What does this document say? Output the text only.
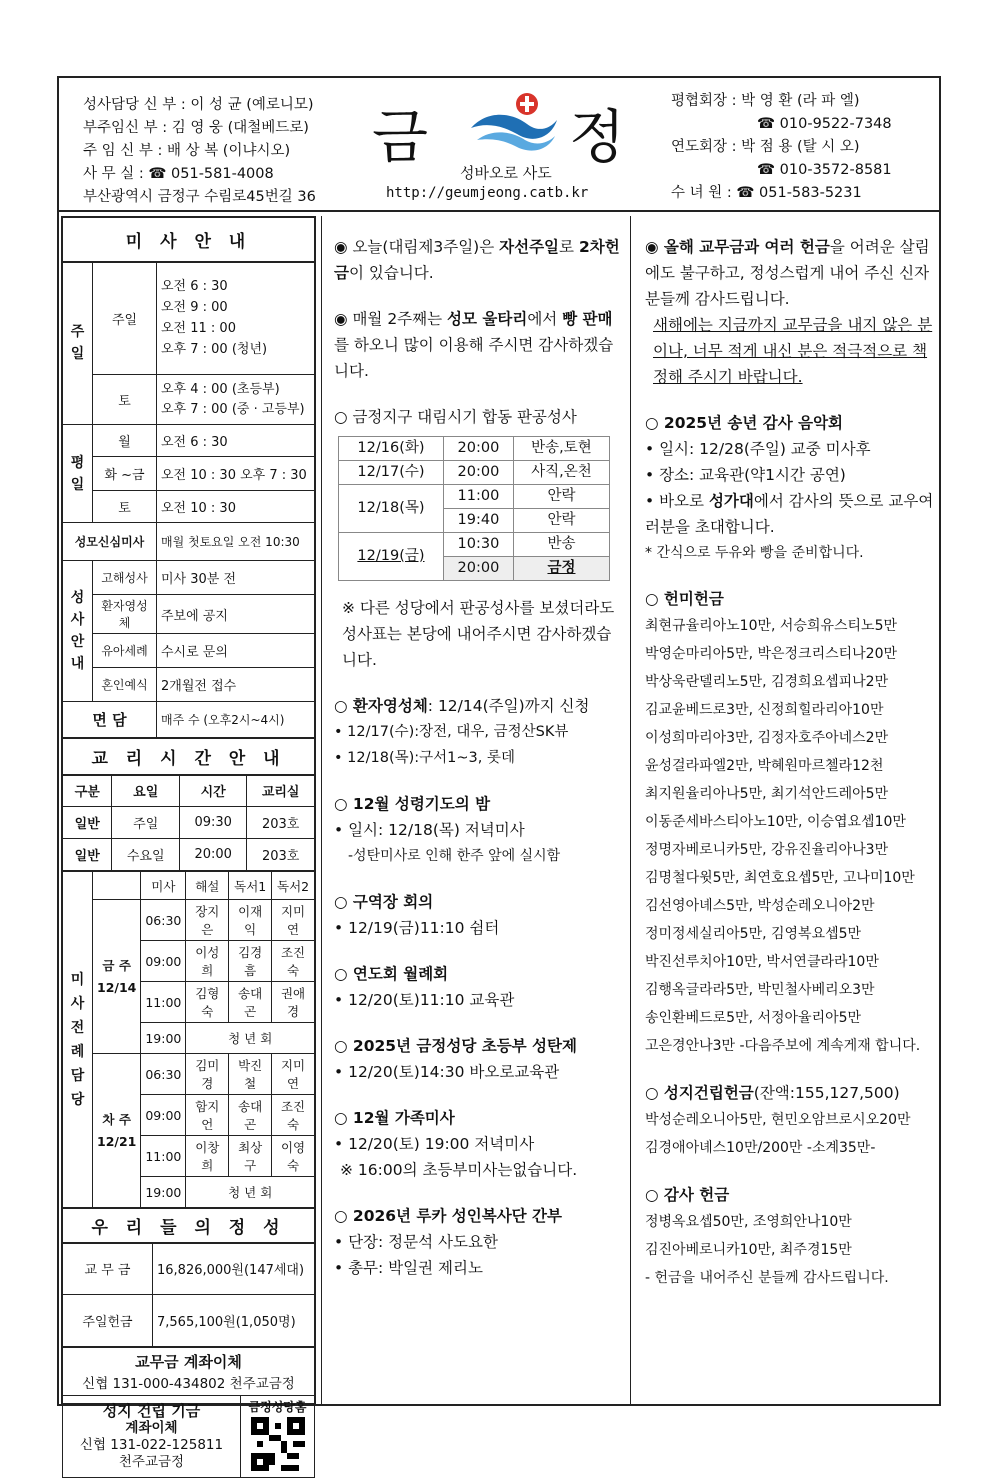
성사담당 신 부 : 이 성 균 (예로니모)
부주임신 부 : 김 영 웅 (대철베드로)
주 임 신 부 : 배 상 복 (이냐시오)
사 무 실 : ☎ 051-581-4008
부산광역시 금정구 수림로45번길 36
금 정
성바오로 사도
http://geumjeong.catb.kr
평협회장 : 박 영 환 (라 파 엘)
☎ 010-9522-7348
연도회장 : 박 점 용 (탈 시 오)
☎ 010-3572-8581
수 녀 원 : ☎ 051-583-5231
미 사 안 내		
주 일	주일	오전 6 : 30
오전 9 : 00
오전 11 : 00
오후 7 : 00 (청년)

	토	오후 4 : 00 (초등부)
오후 7 : 00 (중 · 고등부)

평 일	월	오전 6 : 30
	화 ~금	오전 10 : 30 오후 7 : 30
	토	오전 10 : 30
성모신심미사		매월 첫토요일 오전 10:30
성 사 안 내	고해성사	미사 30분 전
	환자영성체	주보에 공지
	유아세례	수시로 문의
	혼인예식	2개월전 접수
면 담		매주 수 (오후2시~4시)
교 리 시 간 안 내			
구분	요일	시간	교리실
일반	주일	09:30	203호
일반	수요일	20:00	203호
미 사 전 례 담 당		미사	해설	독서1	독서2
	금 주 12/14	06:30	장지은	이재익	지미연
		09:00	이성희	김경흠	조진숙
		11:00	김형숙	송대곤	권애경
		19:00	청 년 회		
	차 주 12/21	06:30	김미경	박진철	지미연
		09:00	함지언	송대곤	조진숙
		11:00	이창희	최상구	이영숙
		19:00	청 년 회		
우 리 들 의 정 성	
교 무 금	16,826,000원(147세대)
주일헌금	7,565,100원(1,050명)
교무금 계좌이체
신협 131-000-434802 천주교금정

성지 건립 기금
계좌이체
신협 131-022-125811
천주교금정

금정성당홈
◉ 오늘(대림제3주일)은 자선주일로 2차헌금이 있습니다.
◉ 매월 2주째는 성모 울타리에서 빵 판매를 하오니 많이 이용해 주시면 감사하겠습니다.
○ 금정지구 대림시기 합동 판공성사
12/16(화)	20:00	반송,토현
12/17(수)	20:00	사직,온천
12/18(목)	11:00	안락
	19:40	안락
12/19(금)	10:30	반송
	20:00	금정
※ 다른 성당에서 판공성사를 보셨더라도 성사표는 본당에 내어주시면 감사하겠습니다.
○ 환자영성체: 12/14(주일)까지 신청
• 12/17(수):장전, 대우, 금정산SK뷰
• 12/18(목):구서1~3, 롯데
○ 12월 성령기도의 밤
• 일시: 12/18(목) 저녁미사
-성탄미사로 인해 한주 앞에 실시함
○ 구역장 회의
• 12/19(금)11:10 쉼터
○ 연도회 월례회
• 12/20(토)11:10 교육관
○ 2025년 금정성당 초등부 성탄제
• 12/20(토)14:30 바오로교육관
○ 12월 가족미사
• 12/20(토) 19:00 저녁미사
※ 16:00의 초등부미사는없습니다.
○ 2026년 루카 성인복사단 간부
• 단장: 정문석 사도요한
• 총무: 박일권 제리노
◉ 올해 교무금과 여러 헌금을 어려운 살림에도 불구하고, 정성스럽게 내어 주신 신자분들께 감사드립니다.
새해에는 지금까지 교무금을 내지 않은 분이나, 너무 적게 내신 분은 적극적으로 책정해 주시기 바랍니다.
○ 2025년 송년 감사 음악회
• 일시: 12/28(주일) 교중 미사후
• 장소: 교육관(약1시간 공연)
• 바오로 성가대에서 감사의 뜻으로 교우여러분을 초대합니다.
* 간식으로 두유와 빵을 준비합니다.
○ 헌미헌금
최현규율리아노10만, 서승희유스티노5만
박영순마리아5만, 박은정크리스티나20만
박상욱란델리노5만, 김경희요셉피나2만
김교윤베드로3만, 신정희힐라리아10만
이성희마리아3만, 김정자호주아네스2만
윤성걸라파엘2만, 박혜원마르첼라12천
최지원율리아나5만, 최기석안드레아5만
이동준세바스티아노10만, 이승엽요셉10만
정명자베로니카5만, 강유진율리아나3만
김명철다윗5만, 최연호요셉5만, 고나미10만
김선영아녜스5만, 박성순레오니아2만
정미정세실리아5만, 김영복요셉5만
박진선루치아10만, 박서연클라라10만
김행옥글라라5만, 박민철사베리오3만
송인환베드로5만, 서정아율리아5만
고은경안나3만 -다음주보에 계속게재 합니다.
○ 성지건립헌금(잔액:155,127,500)
박성순레오니아5만, 현민오암브로시오20만
김경애아녜스10만/200만 -소계35만-
○ 감사 헌금
정병옥요셉50만, 조영희안나10만
김진아베로니카10만, 최주경15만
- 헌금을 내어주신 분들께 감사드립니다.
